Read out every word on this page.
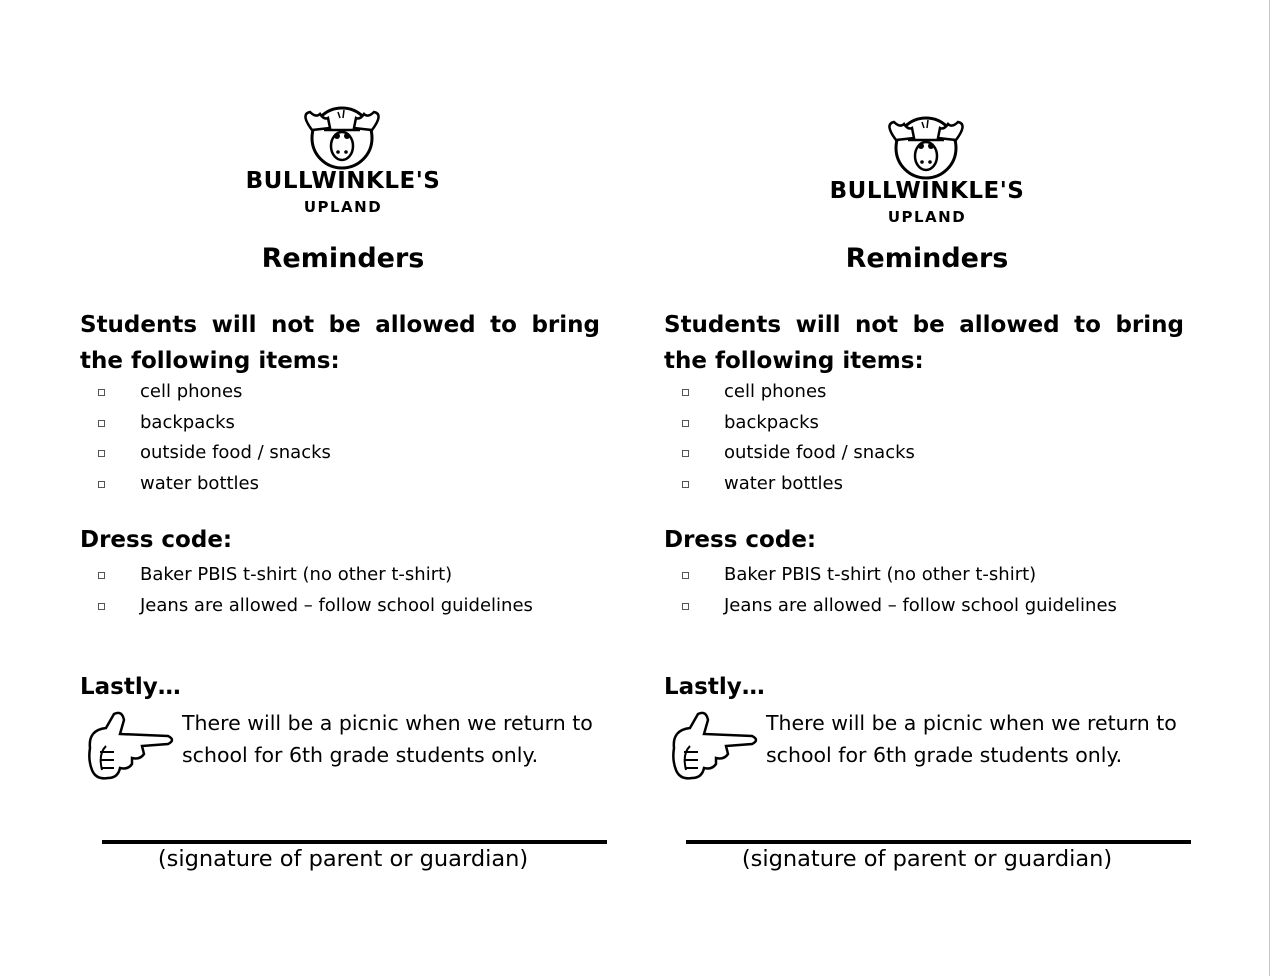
BULLWINKLE'S
UPLAND
Reminders
Students will not be allowed to bring the following items:
cell phones
backpacks
outside food / snacks
water bottles
Dress code:
Baker PBIS t-shirt (no other t-shirt)
Jeans are allowed – follow school guidelines
Lastly…
There will be a picnic when we return to school for 6th grade students only.
(signature of parent or guardian)
BULLWINKLE'S
UPLAND
Reminders
Students will not be allowed to bring the following items:
cell phones
backpacks
outside food / snacks
water bottles
Dress code:
Baker PBIS t-shirt (no other t-shirt)
Jeans are allowed – follow school guidelines
Lastly…
There will be a picnic when we return to school for 6th grade students only.
(signature of parent or guardian)
